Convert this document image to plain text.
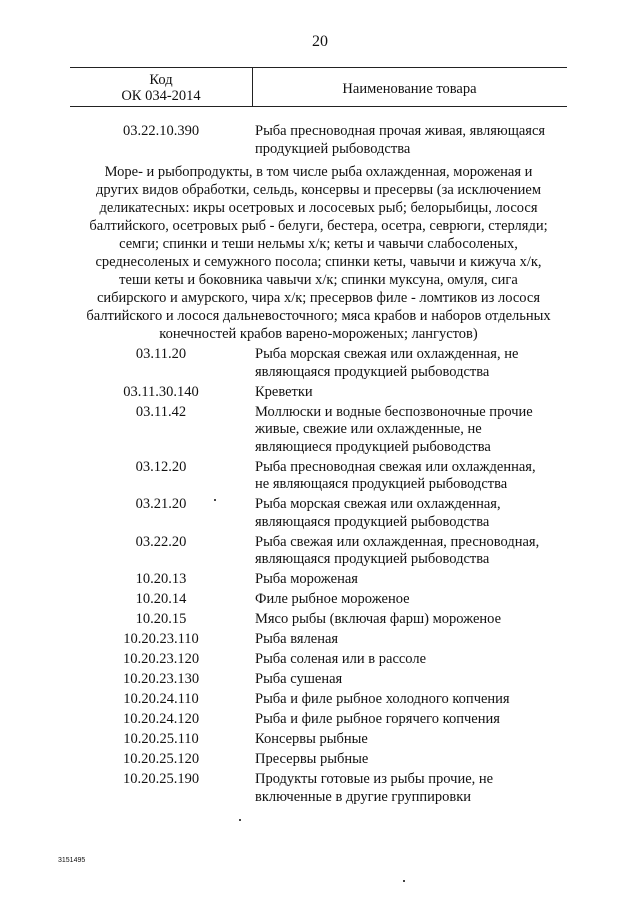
20
Код
ОК 034-2014	Наименование товара
03.22.10.390	Рыба пресноводная прочая живая, являющаяся
продукцией рыбоводства
Море- и рыбопродукты, в том числе рыба охлажденная, мороженая и
других видов обработки, сельдь, консервы и пресервы (за исключением
деликатесных: икры осетровых и лососевых рыб; белорыбицы, лосося
балтийского, осетровых рыб - белуги, бестера, осетра, севрюги, стерляди;
семги; спинки и теши нельмы х/к; кеты и чавычи слабосоленых,
среднесоленых и семужного посола; спинки кеты, чавычи и кижуча х/к,
теши кеты и боковника чавычи х/к; спинки муксуна, омуля, сига
сибирского и амурского, чира х/к; пресервов филе - ломтиков из лосося
балтийского и лосося дальневосточного; мяса крабов и наборов отдельных
конечностей крабов варено-мороженых; лангустов)
03.11.20	Рыба морская свежая или охлажденная, не
являющаяся продукцией рыбоводства
03.11.30.140	Креветки
03.11.42	Моллюски и водные беспозвоночные прочие
живые, свежие или охлажденные, не
являющиеся продукцией рыбоводства
03.12.20	Рыба пресноводная свежая или охлажденная,
не являющаяся продукцией рыбоводства
03.21.20	Рыба морская свежая или охлажденная,
являющаяся продукцией рыбоводства
03.22.20	Рыба свежая или охлажденная, пресноводная,
являющаяся продукцией рыбоводства
10.20.13	Рыба мороженая
10.20.14	Филе рыбное мороженое
10.20.15	Мясо рыбы (включая фарш) мороженое
10.20.23.110	Рыба вяленая
10.20.23.120	Рыба соленая или в рассоле
10.20.23.130	Рыба сушеная
10.20.24.110	Рыба и филе рыбное холодного копчения
10.20.24.120	Рыба и филе рыбное горячего копчения
10.20.25.110	Консервы рыбные
10.20.25.120	Пресервы рыбные
10.20.25.190	Продукты готовые из рыбы прочие, не
включенные в другие группировки
3151495
